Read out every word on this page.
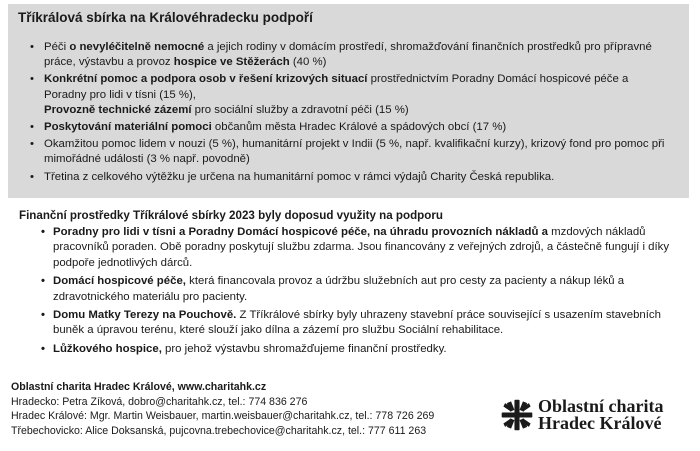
Tříkrálová sbírka na Královéhradecku podpoří
• Péči o nevyléčitelně nemocné a jejich rodiny v domácím prostředí, shromažďování finančních prostředků pro přípravné práce, výstavbu a provoz hospice ve Stěžerách (40 %)
• Konkrétní pomoc a podpora osob v řešení krizových situací prostřednictvím Poradny Domácí hospicové péče a Poradny pro lidi v tísni (15 %),
Provozně technické zázemí pro sociální služby a zdravotní péči (15 %)
• Poskytování materiální pomoci občanům města Hradec Králové a spádových obcí (17 %)
• Okamžitou pomoc lidem v nouzi (5 %), humanitární projekt v Indii (5 %, např. kvalifikační kurzy), krizový fond pro pomoc při mimořádné události (3 % např. povodně)
• Třetina z celkového výtěžku je určena na humanitární pomoc v rámci výdajů Charity Česká republika.
Finanční prostředky Tříkrálové sbírky 2023 byly doposud využity na podporu
• Poradny pro lidi v tísni a Poradny Domácí hospicové péče, na úhradu provozních nákladů a mzdových nákladů pracovníků poraden. Obě poradny poskytují službu zdarma. Jsou financovány z veřejných zdrojů, a částečně fungují i díky podpoře jednotlivých dárců.
• Domácí hospicové péče, která financovala provoz a údržbu služebních aut pro cesty za pacienty a nákup léků a zdravotnického materiálu pro pacienty.
• Domu Matky Terezy na Pouchově. Z Tříkrálové sbírky byly uhrazeny stavební práce související s usazením stavebních buněk a úpravou terénu, které slouží jako dílna a zázemí pro službu Sociální rehabilitace.
• Lůžkového hospice, pro jehož výstavbu shromažďujeme finanční prostředky.
Oblastní charita Hradec Králové, www.charitahk.cz
Hradecko: Petra Zíková, dobro@charitahk.cz, tel.: 774 836 276
Hradec Králové: Mgr. Martin Weisbauer, martin.weisbauer@charitahk.cz, tel.: 778 726 269
Třebechovicko: Alice Doksanská, pujcovna.trebechovice@charitahk.cz, tel.: 777 611 263
Oblastní charita
Hradec Králové
